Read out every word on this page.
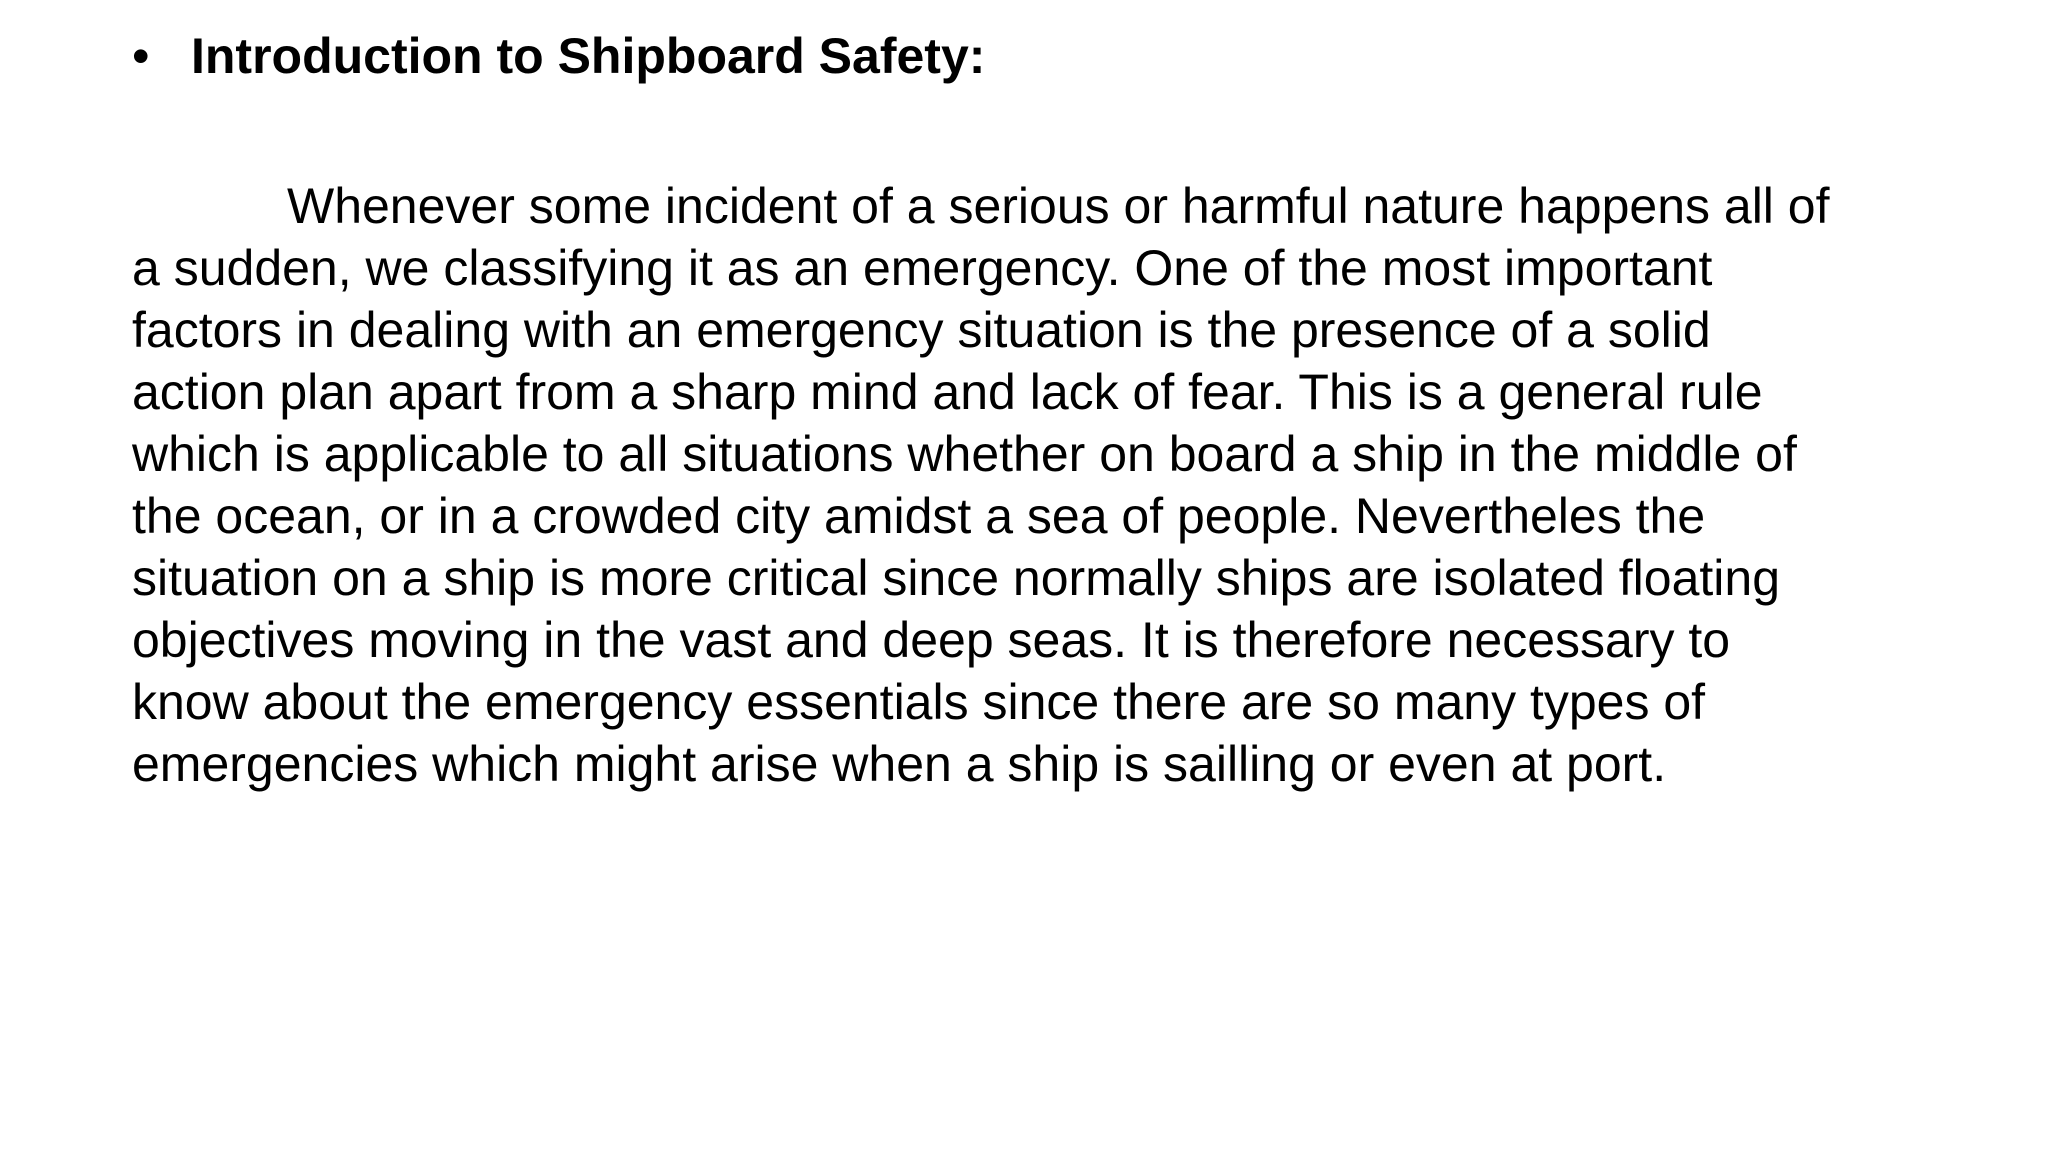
• Introduction to Shipboard Safety:

Whenever some incident of a serious or harmful nature happens all of
a sudden, we classifying it as an emergency. One of the most important
factors in dealing with an emergency situation is the presence of a solid
action plan apart from a sharp mind and lack of fear. This is a general rule
which is applicable to all situations whether on board a ship in the middle of
the ocean, or in a crowded city amidst a sea of people. Nevertheles the
situation on a ship is more critical since normally ships are isolated floating
objectives moving in the vast and deep seas. It is therefore necessary to
know about the emergency essentials since there are so many types of
emergencies which might arise when a ship is sailling or even at port.
